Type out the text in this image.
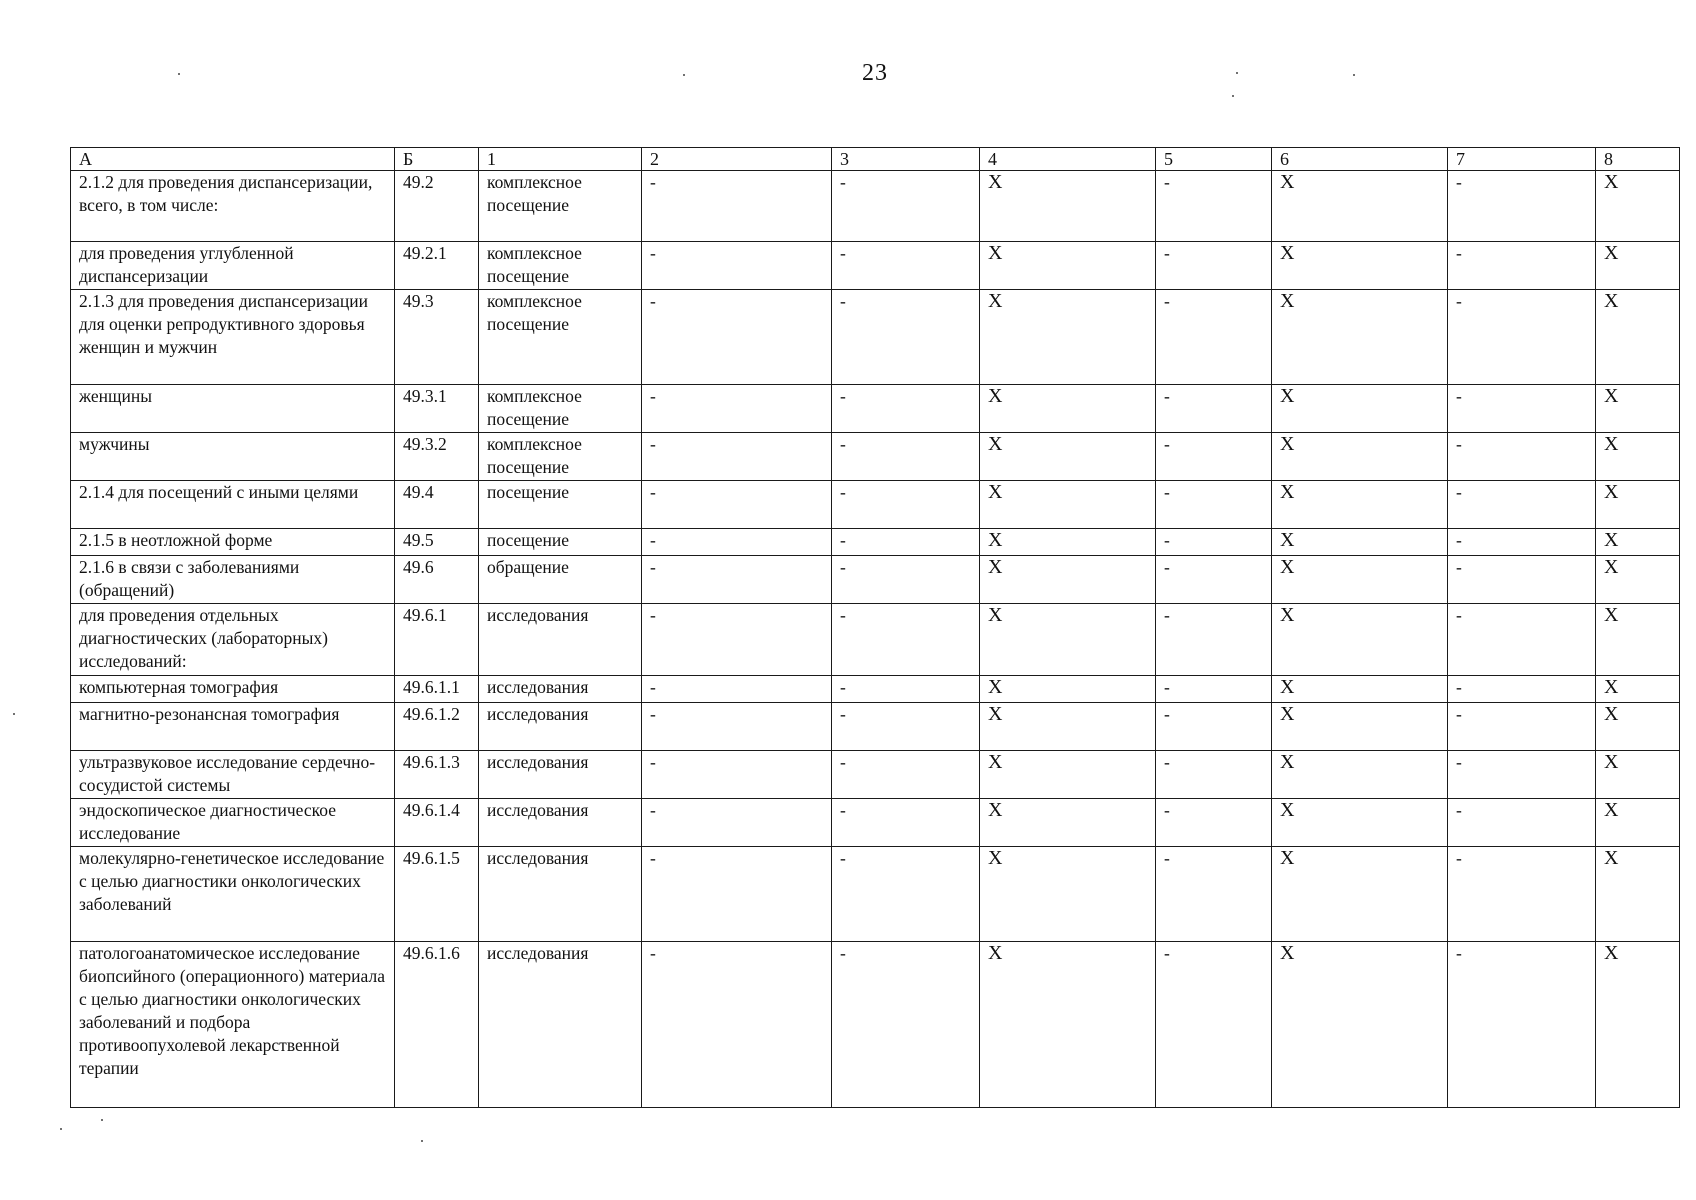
23
А	Б	1	2	3	4	5	6	7	8
2.1.2 для проведения диспансеризации, всего, в том числе:	49.2	комплексное посещение	-	-	X	-	X	-	X
для проведения углубленной диспансеризации	49.2.1	комплексное посещение	-	-	X	-	X	-	X
2.1.3 для проведения диспансеризации для оценки репродуктивного здоровья женщин и мужчин	49.3	комплексное посещение	-	-	X	-	X	-	X
женщины	49.3.1	комплексное посещение	-	-	X	-	X	-	X
мужчины	49.3.2	комплексное посещение	-	-	X	-	X	-	X
2.1.4 для посещений с иными целями	49.4	посещение	-	-	X	-	X	-	X
2.1.5 в неотложной форме	49.5	посещение	-	-	X	-	X	-	X
2.1.6 в связи с заболеваниями (обращений)	49.6	обращение	-	-	X	-	X	-	X
для проведения отдельных диагностических (лабораторных) исследований:	49.6.1	исследования	-	-	X	-	X	-	X
компьютерная томография	49.6.1.1	исследования	-	-	X	-	X	-	X
магнитно-резонансная томография	49.6.1.2	исследования	-	-	X	-	X	-	X
ультразвуковое исследование сердечно-сосудистой системы	49.6.1.3	исследования	-	-	X	-	X	-	X
эндоскопическое диагностическое исследование	49.6.1.4	исследования	-	-	X	-	X	-	X
молекулярно-генетическое исследование с целью диагностики онкологических заболеваний	49.6.1.5	исследования	-	-	X	-	X	-	X
патологоанатомическое исследование биопсийного (операционного) материала с целью диагностики онкологических заболеваний и подбора противоопухолевой лекарственной терапии	49.6.1.6	исследования	-	-	X	-	X	-	X
